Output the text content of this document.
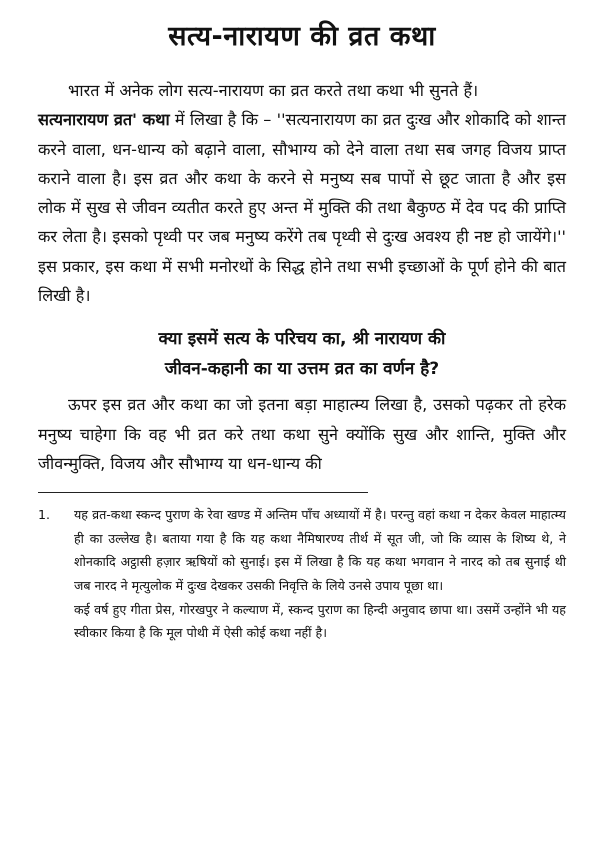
सत्य-नारायण की व्रत कथा

भारत में अनेक लोग सत्य-नारायण का व्रत करते तथा कथा भी सुनते हैं।
सत्यनारायण व्रत' कथा में लिखा है कि – ''सत्यनारायण का व्रत दुःख और शोकादि को शान्त करने वाला, धन-धान्य को बढ़ाने वाला, सौभाग्य को देने वाला तथा सब जगह विजय प्राप्त कराने वाला है। इस व्रत और कथा के करने से मनुष्य सब पापों से छूट जाता है और इस लोक में सुख से जीवन व्यतीत करते हुए अन्त में मुक्ति की तथा बैकुण्ठ में देव पद की प्राप्ति कर लेता है। इसको पृथ्वी पर जब मनुष्य करेंगे तब पृथ्वी से दुःख अवश्य ही नष्ट हो जायेंगे।'' इस प्रकार, इस कथा में सभी मनोरथों के सिद्ध होने तथा सभी इच्छाओं के पूर्ण होने की बात लिखी है।

क्या इसमें सत्य के परिचय का, श्री नारायण की
जीवन-कहानी का या उत्तम व्रत का वर्णन है?

ऊपर इस व्रत और कथा का जो इतना बड़ा माहात्म्य लिखा है, उसको पढ़कर तो हरेक मनुष्य चाहेगा कि वह भी व्रत करे तथा कथा सुने क्योंकि सुख और शान्ति, मुक्ति और जीवन्मुक्ति, विजय और सौभाग्य या धन-धान्य की

1.	यह व्रत-कथा स्कन्द पुराण के रेवा खण्ड में अन्तिम पाँच अध्यायों में है। परन्तु वहां कथा न देकर केवल माहात्म्य ही का उल्लेख है। बताया गया है कि यह कथा नैमिषारण्य तीर्थ में सूत जी, जो कि व्यास के शिष्य थे, ने शोनकादि अट्ठासी हज़ार ऋषियों को सुनाई। इस में लिखा है कि यह कथा भगवान ने नारद को तब सुनाई थी जब नारद ने मृत्युलोक में दुःख देखकर उसकी निवृत्ति के लिये उनसे उपाय पूछा था।

कई वर्ष हुए गीता प्रेस, गोरखपुर ने कल्याण में, स्कन्द पुराण का हिन्दी अनुवाद छापा था। उसमें उन्होंने भी यह स्वीकार किया है कि मूल पोथी में ऐसी कोई कथा नहीं है।
